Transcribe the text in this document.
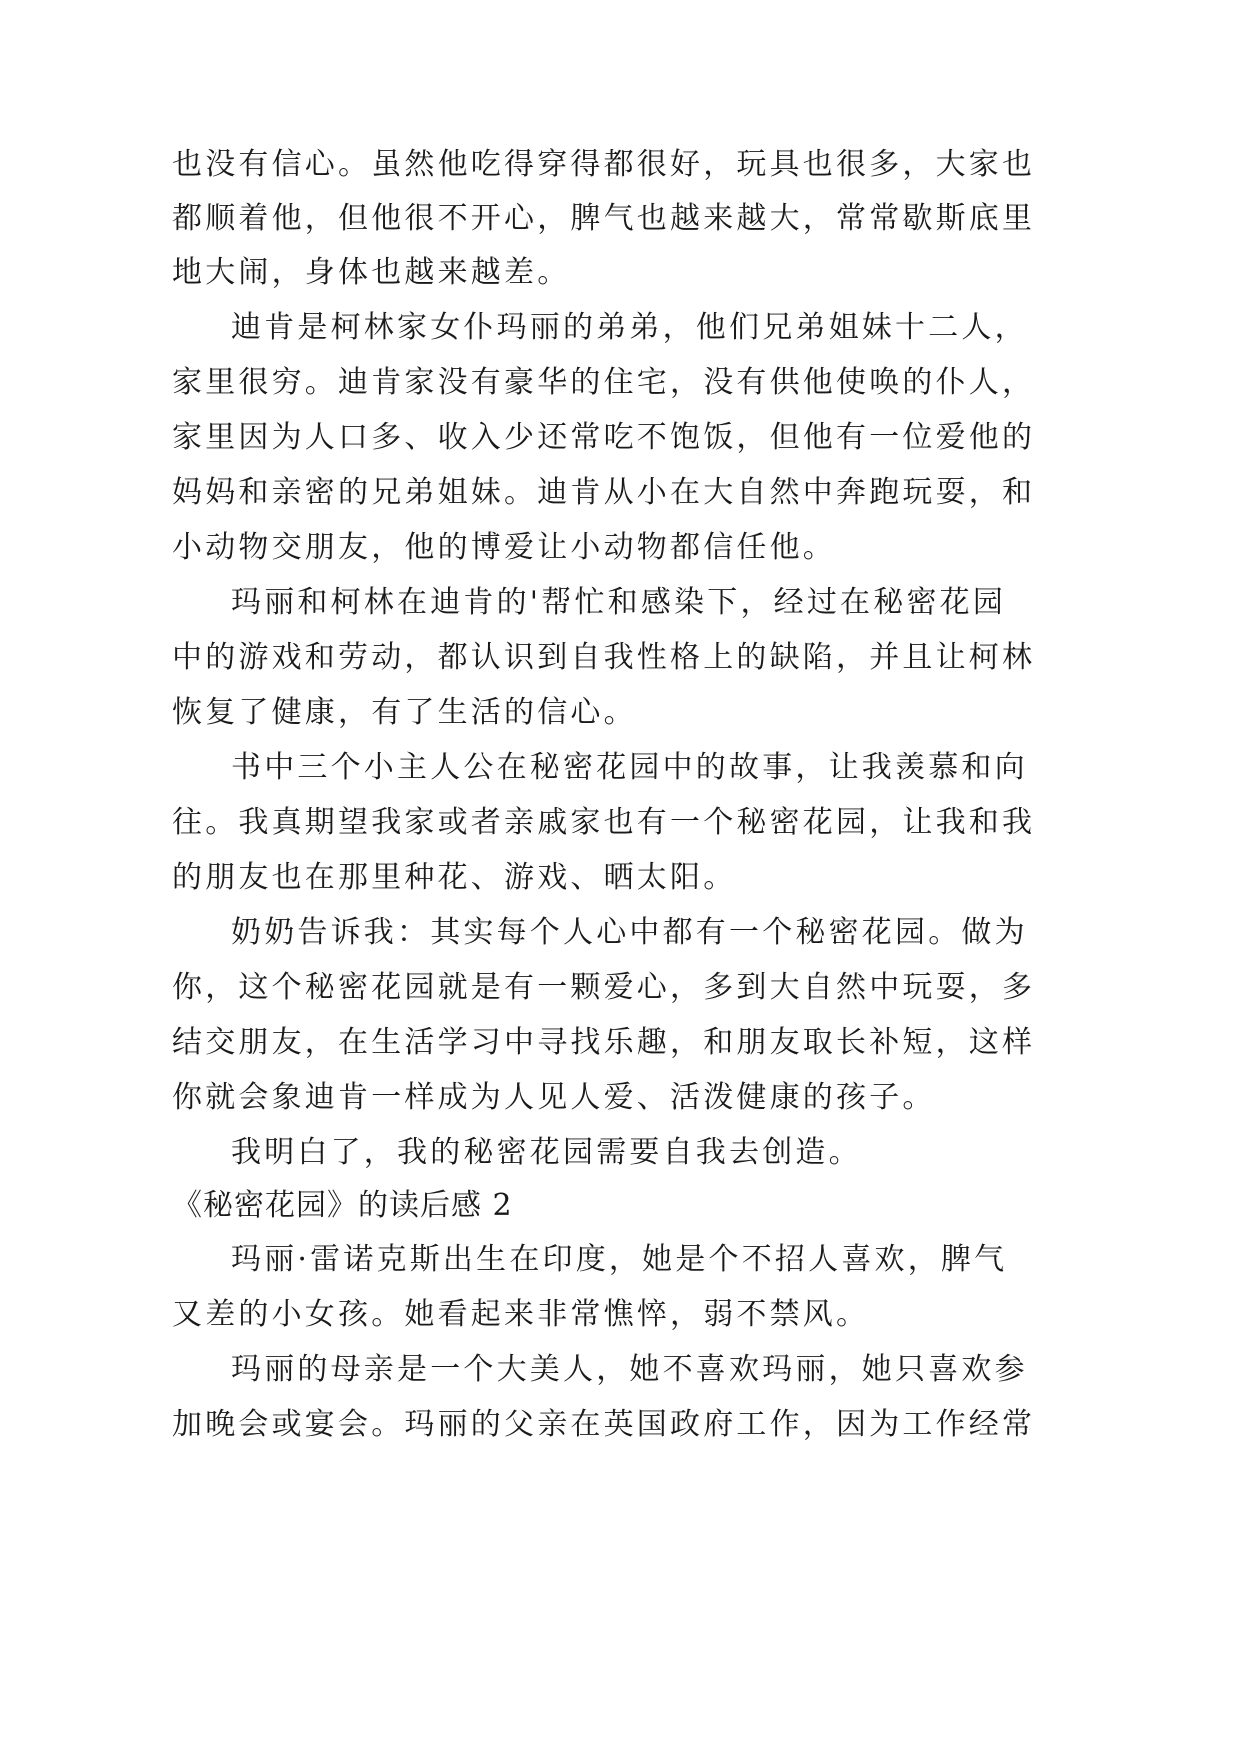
也没有信心。虽然他吃得穿得都很好，玩具也很多，大家也
都顺着他，但他很不开心，脾气也越来越大，常常歇斯底里
地大闹，身体也越来越差。
迪肯是柯林家女仆玛丽的弟弟，他们兄弟姐妹十二人，
家里很穷。迪肯家没有豪华的住宅，没有供他使唤的仆人，
家里因为人口多、收入少还常吃不饱饭，但他有一位爱他的
妈妈和亲密的兄弟姐妹。迪肯从小在大自然中奔跑玩耍，和
小动物交朋友，他的博爱让小动物都信任他。
玛丽和柯林在迪肯的'帮忙和感染下，经过在秘密花园
中的游戏和劳动，都认识到自我性格上的缺陷，并且让柯林
恢复了健康，有了生活的信心。
书中三个小主人公在秘密花园中的故事，让我羡慕和向
往。我真期望我家或者亲戚家也有一个秘密花园，让我和我
的朋友也在那里种花、游戏、晒太阳。
奶奶告诉我：其实每个人心中都有一个秘密花园。做为
你，这个秘密花园就是有一颗爱心，多到大自然中玩耍，多
结交朋友，在生活学习中寻找乐趣，和朋友取长补短，这样
你就会象迪肯一样成为人见人爱、活泼健康的孩子。
我明白了，我的秘密花园需要自我去创造。
《秘密花园》的读后感 2
玛丽·雷诺克斯出生在印度，她是个不招人喜欢，脾气
又差的小女孩。她看起来非常憔悴，弱不禁风。
玛丽的母亲是一个大美人，她不喜欢玛丽，她只喜欢参
加晚会或宴会。玛丽的父亲在英国政府工作，因为工作经常
